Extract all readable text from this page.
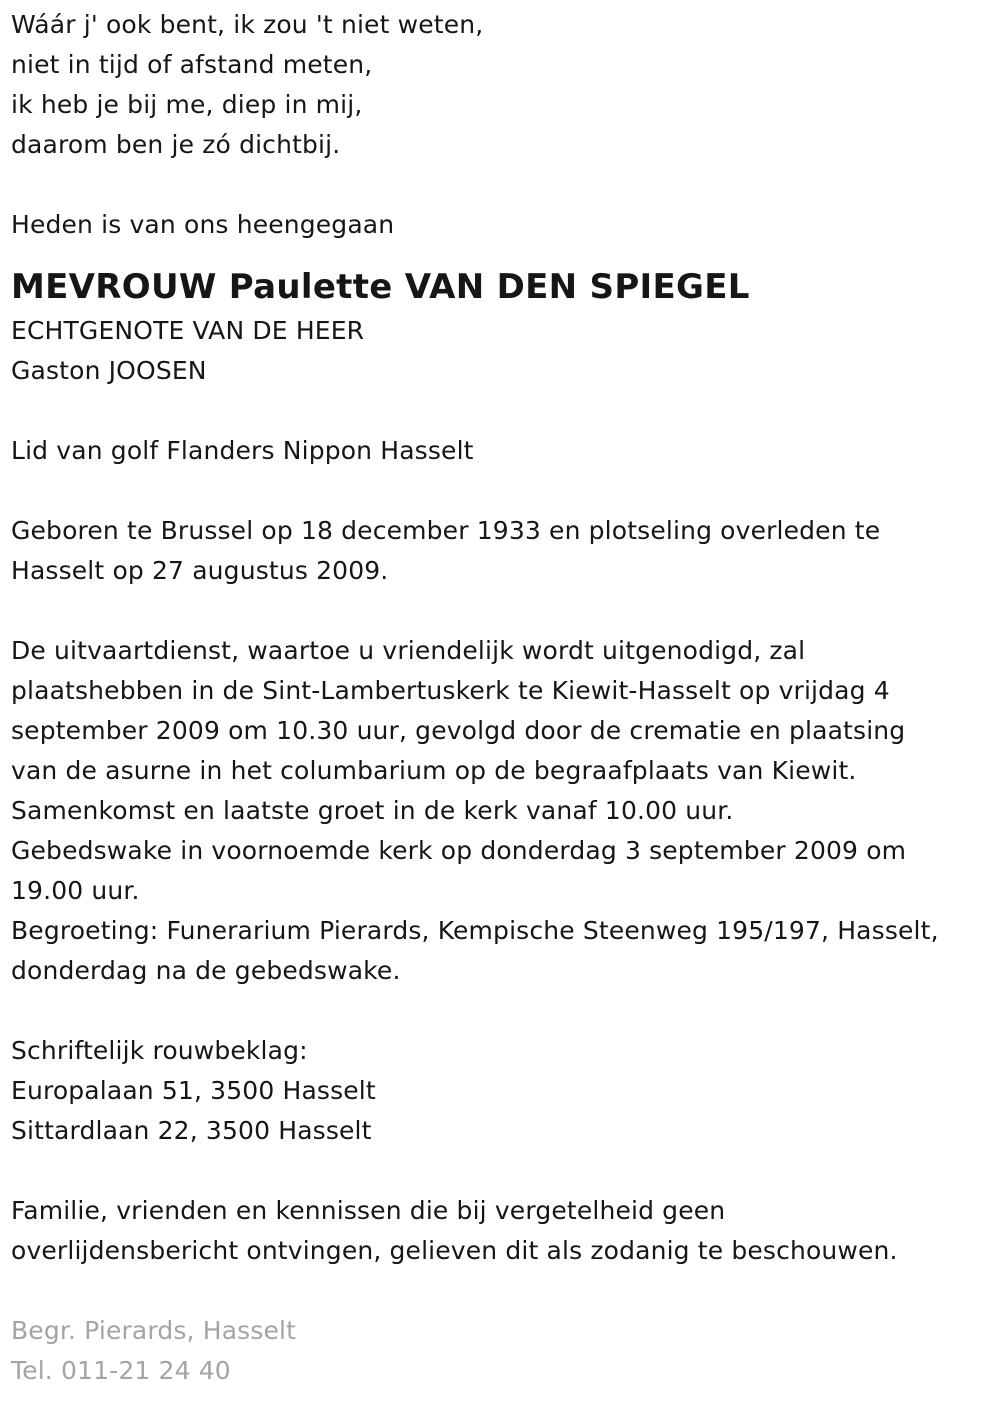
Wáár j' ook bent, ik zou 't niet weten,
niet in tijd of afstand meten,
ik heb je bij me, diep in mij,
daarom ben je zó dichtbij.
Heden is van ons heengegaan
MEVROUW Paulette VAN DEN SPIEGEL
ECHTGENOTE VAN DE HEER
Gaston JOOSEN
Lid van golf Flanders Nippon Hasselt
Geboren te Brussel op 18 december 1933 en plotseling overleden te
Hasselt op 27 augustus 2009.
De uitvaartdienst, waartoe u vriendelijk wordt uitgenodigd, zal
plaatshebben in de Sint-Lambertuskerk te Kiewit-Hasselt op vrijdag 4
september 2009 om 10.30 uur, gevolgd door de crematie en plaatsing
van de asurne in het columbarium op de begraafplaats van Kiewit.
Samenkomst en laatste groet in de kerk vanaf 10.00 uur.
Gebedswake in voornoemde kerk op donderdag 3 september 2009 om
19.00 uur.
Begroeting: Funerarium Pierards, Kempische Steenweg 195/197, Hasselt,
donderdag na de gebedswake.
Schriftelijk rouwbeklag:
Europalaan 51, 3500 Hasselt
Sittardlaan 22, 3500 Hasselt
Familie, vrienden en kennissen die bij vergetelheid geen
overlijdensbericht ontvingen, gelieven dit als zodanig te beschouwen.
Begr. Pierards, Hasselt
Tel. 011-21 24 40
